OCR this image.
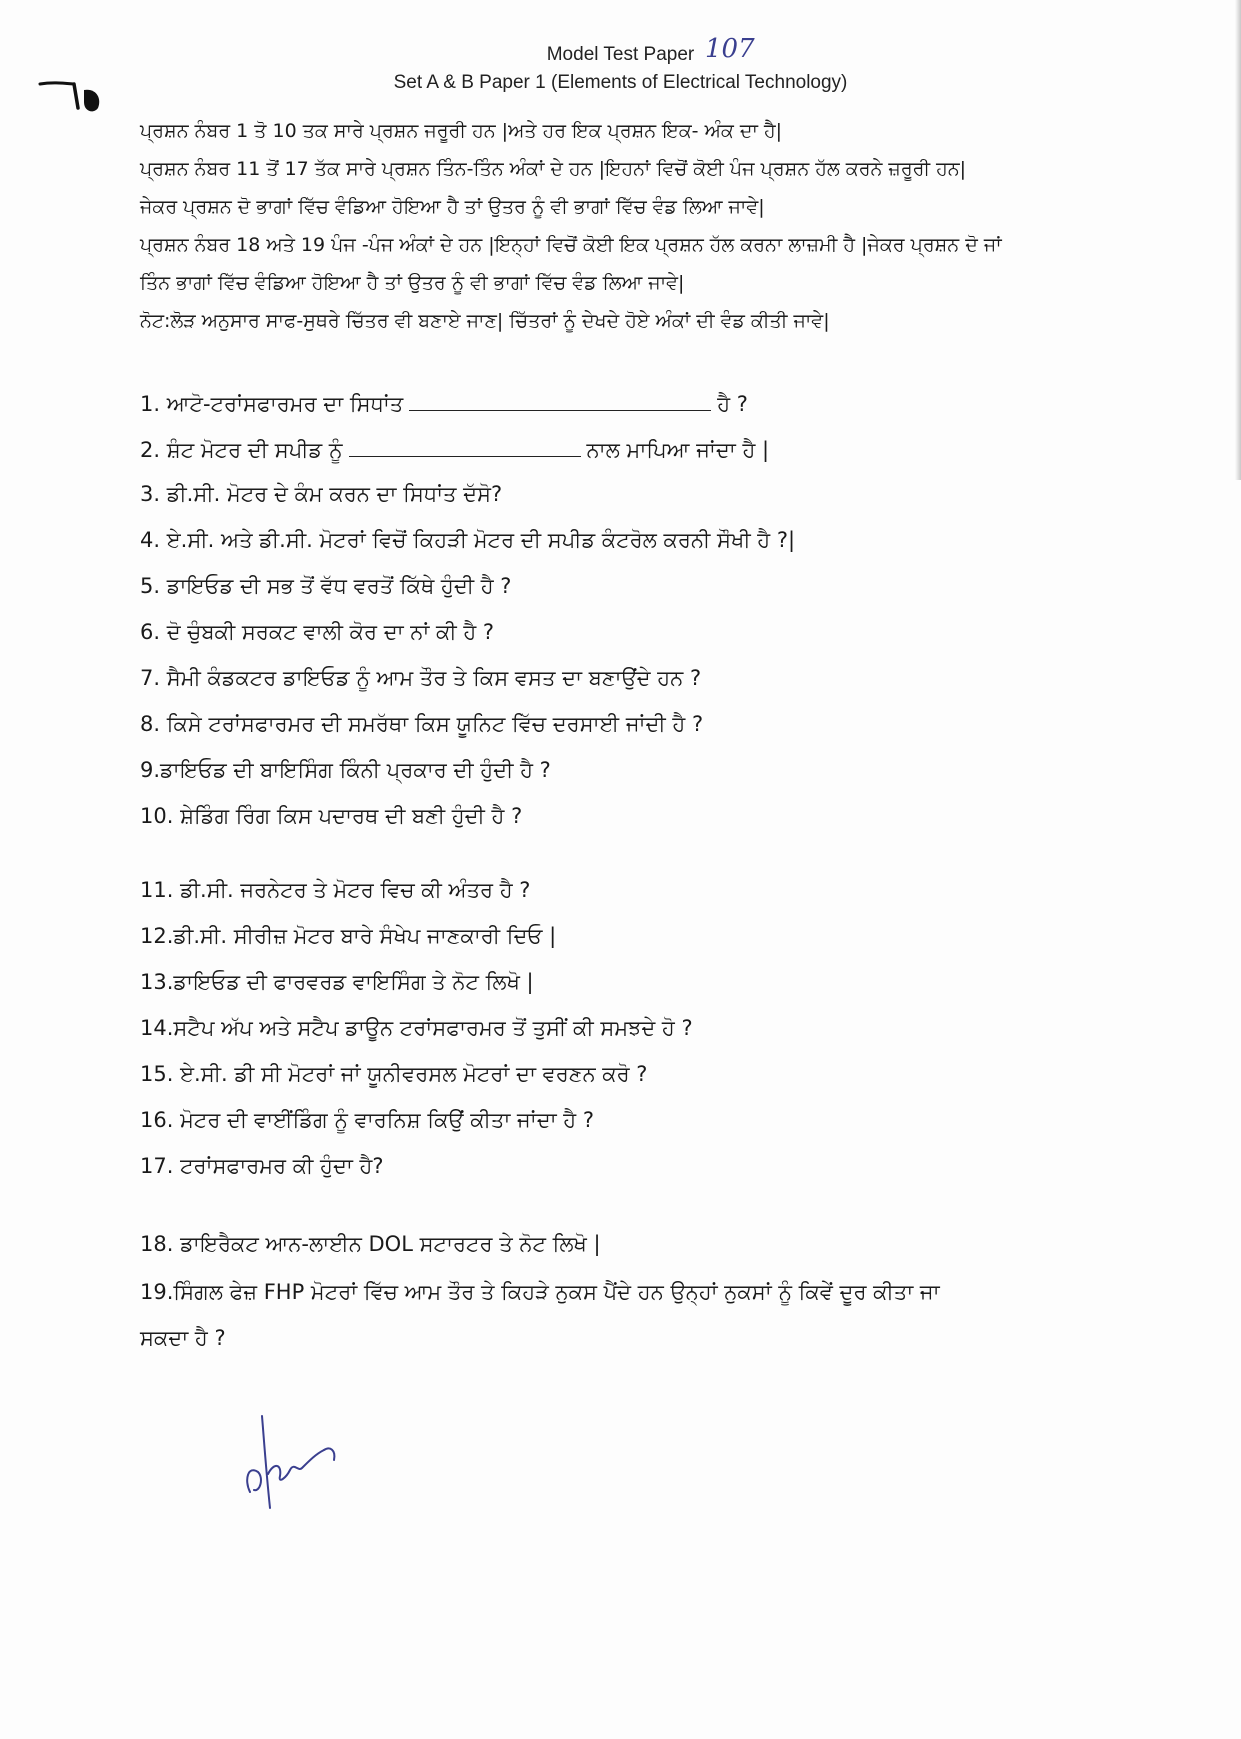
Model Test Paper 107
Set A & B Paper 1 (Elements of Electrical Technology)
ਪ੍ਰਸ਼ਨ ਨੰਬਰ 1 ਤੋ 10 ਤਕ ਸਾਰੇ ਪ੍ਰਸ਼ਨ ਜਰੂਰੀ ਹਨ |ਅਤੇ ਹਰ ਇਕ ਪ੍ਰਸ਼ਨ ਇਕ- ਅੰਕ ਦਾ ਹੈ|
ਪ੍ਰਸ਼ਨ ਨੰਬਰ 11 ਤੋਂ 17 ਤੱਕ ਸਾਰੇ ਪ੍ਰਸ਼ਨ ਤਿੰਨ-ਤਿੰਨ ਅੰਕਾਂ ਦੇ ਹਨ |ਇਹਨਾਂ ਵਿਚੋਂ ਕੋਈ ਪੰਜ ਪ੍ਰਸ਼ਨ ਹੱਲ ਕਰਨੇ ਜ਼ਰੂਰੀ ਹਨ|
ਜੇਕਰ ਪ੍ਰਸ਼ਨ ਦੋ ਭਾਗਾਂ ਵਿੱਚ ਵੰਡਿਆ ਹੋਇਆ ਹੈ ਤਾਂ ਉਤਰ ਨੂੰ ਵੀ ਭਾਗਾਂ ਵਿੱਚ ਵੰਡ ਲਿਆ ਜਾਵੇ|
ਪ੍ਰਸ਼ਨ ਨੰਬਰ 18 ਅਤੇ 19 ਪੰਜ -ਪੰਜ ਅੰਕਾਂ ਦੇ ਹਨ |ਇਨ੍ਹਾਂ ਵਿਚੋਂ ਕੋਈ ਇਕ ਪ੍ਰਸ਼ਨ ਹੱਲ ਕਰਨਾ ਲਾਜ਼ਮੀ ਹੈ |ਜੇਕਰ ਪ੍ਰਸ਼ਨ ਦੋ ਜਾਂ
ਤਿੰਨ ਭਾਗਾਂ ਵਿੱਚ ਵੰਡਿਆ ਹੋਇਆ ਹੈ ਤਾਂ ਉਤਰ ਨੂੰ ਵੀ ਭਾਗਾਂ ਵਿੱਚ ਵੰਡ ਲਿਆ ਜਾਵੇ|
ਨੋਟ:ਲੋੜ ਅਨੁਸਾਰ ਸਾਫ-ਸੁਥਰੇ ਚਿੱਤਰ ਵੀ ਬਣਾਏ ਜਾਣ| ਚਿੱਤਰਾਂ ਨੂੰ ਦੇਖਦੇ ਹੋਏ ਅੰਕਾਂ ਦੀ ਵੰਡ ਕੀਤੀ ਜਾਵੇ|
1. ਆਟੋ-ਟਰਾਂਸਫਾਰਮਰ ਦਾ ਸਿਧਾਂਤ	ਹੈ ?
2. ਸ਼ੰਟ ਮੋਟਰ ਦੀ ਸਪੀਡ ਨੂੰ	ਨਾਲ ਮਾਪਿਆ ਜਾਂਦਾ ਹੈ |
3. ਡੀ.ਸੀ. ਮੋਟਰ ਦੇ ਕੰਮ ਕਰਨ ਦਾ ਸਿਧਾਂਤ ਦੱਸੋ?
4. ਏ.ਸੀ. ਅਤੇ ਡੀ.ਸੀ. ਮੋਟਰਾਂ ਵਿਚੋਂ ਕਿਹੜੀ ਮੋਟਰ ਦੀ ਸਪੀਡ ਕੰਟਰੋਲ ਕਰਨੀ ਸੌਖੀ ਹੈ ?|
5. ਡਾਇਓਡ ਦੀ ਸਭ ਤੋਂ ਵੱਧ ਵਰਤੋਂ ਕਿੱਥੇ ਹੁੰਦੀ ਹੈ ?
6. ਦੋ ਚੁੰਬਕੀ ਸਰਕਟ ਵਾਲੀ ਕੋਰ ਦਾ ਨਾਂ ਕੀ ਹੈ ?
7. ਸੈਮੀ ਕੰਡਕਟਰ ਡਾਇਓਡ ਨੂੰ ਆਮ ਤੌਰ ਤੇ ਕਿਸ ਵਸਤ ਦਾ ਬਣਾਉਂਦੇ ਹਨ ?
8. ਕਿਸੇ ਟਰਾਂਸਫਾਰਮਰ ਦੀ ਸਮਰੱਥਾ ਕਿਸ ਯੂਨਿਟ ਵਿੱਚ ਦਰਸਾਈ ਜਾਂਦੀ ਹੈ ?
9.ਡਾਇਓਡ ਦੀ ਬਾਇਸਿੰਗ ਕਿੰਨੀ ਪ੍ਰਕਾਰ ਦੀ ਹੁੰਦੀ ਹੈ ?
10. ਸ਼ੇਡਿੰਗ ਰਿੰਗ ਕਿਸ ਪਦਾਰਥ ਦੀ ਬਣੀ ਹੁੰਦੀ ਹੈ ?
11. ਡੀ.ਸੀ. ਜਰਨੇਟਰ ਤੇ ਮੋਟਰ ਵਿਚ ਕੀ ਅੰਤਰ ਹੈ ?
12.ਡੀ.ਸੀ. ਸੀਰੀਜ਼ ਮੋਟਰ ਬਾਰੇ ਸੰਖੇਪ ਜਾਣਕਾਰੀ ਦਿਓ |
13.ਡਾਇਓਡ ਦੀ ਫਾਰਵਰਡ ਵਾਇਸਿੰਗ ਤੇ ਨੋਟ ਲਿਖੋ |
14.ਸਟੈਪ ਅੱਪ ਅਤੇ ਸਟੈਪ ਡਾਊਨ ਟਰਾਂਸਫਾਰਮਰ ਤੋਂ ਤੁਸੀਂ ਕੀ ਸਮਝਦੇ ਹੋ ?
15. ਏ.ਸੀ. ਡੀ ਸੀ ਮੋਟਰਾਂ ਜਾਂ ਯੂਨੀਵਰਸਲ ਮੋਟਰਾਂ ਦਾ ਵਰਣਨ ਕਰੋ ?
16. ਮੋਟਰ ਦੀ ਵਾਈਂਡਿੰਗ ਨੂੰ ਵਾਰਨਿਸ਼ ਕਿਉਂ ਕੀਤਾ ਜਾਂਦਾ ਹੈ ?
17. ਟਰਾਂਸਫਾਰਮਰ ਕੀ ਹੁੰਦਾ ਹੈ?
18. ਡਾਇਰੈਕਟ ਆਨ-ਲਾਈਨ DOL ਸਟਾਰਟਰ ਤੇ ਨੋਟ ਲਿਖੋ |
19.ਸਿੰਗਲ ਫੇਜ਼ FHP ਮੋਟਰਾਂ ਵਿੱਚ ਆਮ ਤੌਰ ਤੇ ਕਿਹੜੇ ਨੁਕਸ ਪੈਂਦੇ ਹਨ ਉਨ੍ਹਾਂ ਨੁਕਸਾਂ ਨੂੰ ਕਿਵੇਂ ਦੂਰ ਕੀਤਾ ਜਾ
ਸਕਦਾ ਹੈ ?
